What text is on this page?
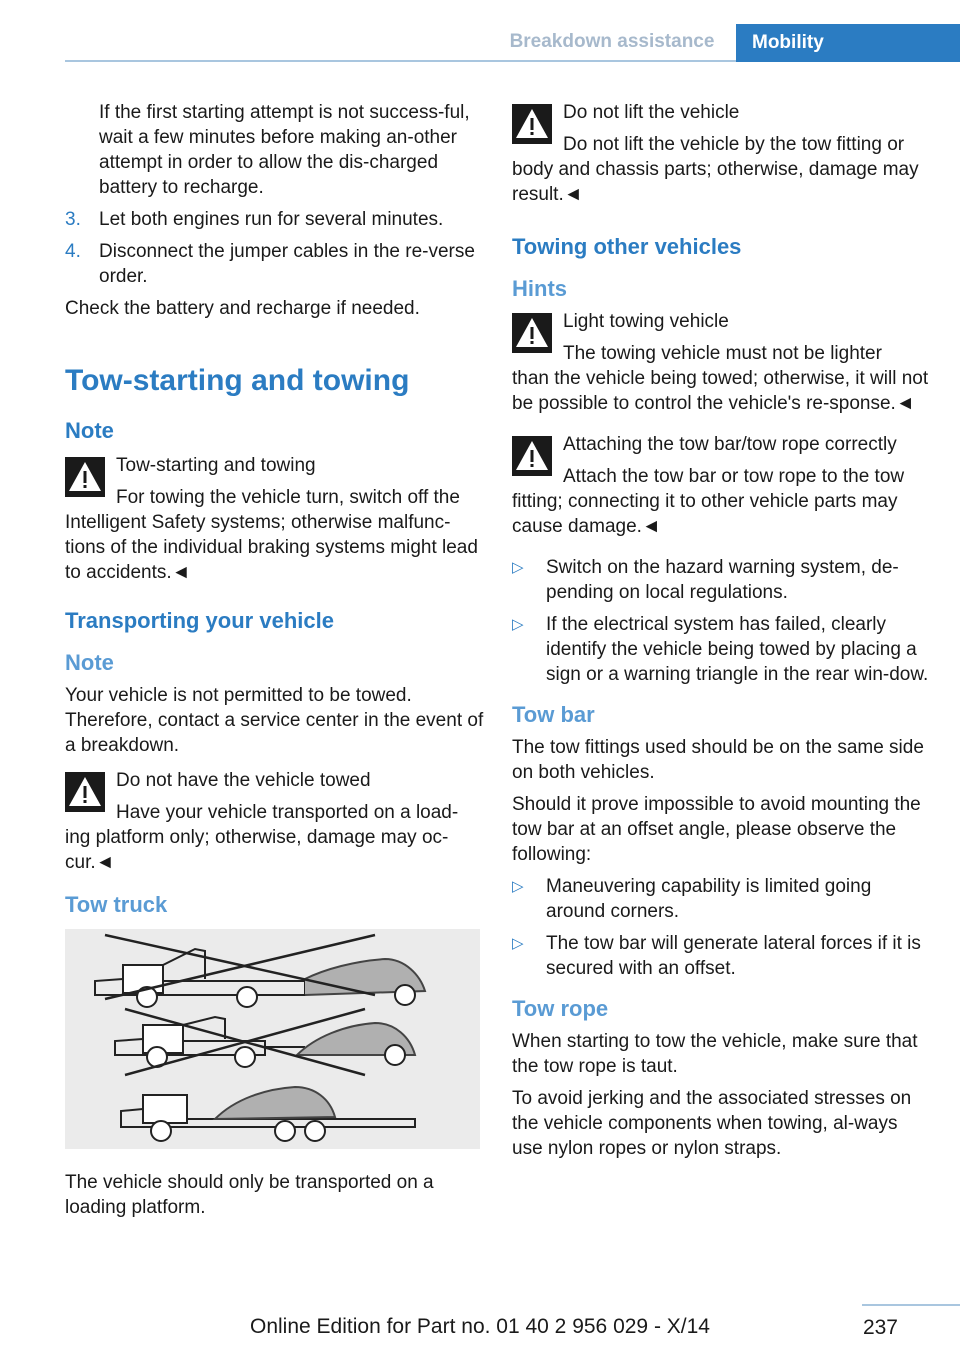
Breakdown assistance	Mobility

If the first starting attempt is not success-ful, wait a few minutes before making an-other attempt in order to allow the dis-charged battery to recharge.

3. Let both engines run for several minutes.
4. Disconnect the jumper cables in the re-verse order.

Check the battery and recharge if needed.

Tow-starting and towing
Note

Tow-starting and towing

For towing the vehicle turn, switch off the
Intelligent Safety systems; otherwise malfunc-tions of the individual braking systems might lead to accidents.◄

Transporting your vehicle
Note

Your vehicle is not permitted to be towed. Therefore, contact a service center in the event of a breakdown.

Do not have the vehicle towed

Have your vehicle transported on a load-
ing platform only; otherwise, damage may oc-cur.◄

Tow truck

The vehicle should only be transported on a loading platform.

Do not lift the vehicle

Do not lift the vehicle by the tow fitting or
body and chassis parts; otherwise, damage may result.◄

Towing other vehicles
Hints

Light towing vehicle

The towing vehicle must not be lighter
than the vehicle being towed; otherwise, it will not be possible to control the vehicle's re-sponse.◄

Attaching the tow bar/tow rope correctly

Attach the tow bar or tow rope to the tow
fitting; connecting it to other vehicle parts may cause damage.◄

▷	Switch on the hazard warning system, de-pending on local regulations.
▷	If the electrical system has failed, clearly identify the vehicle being towed by placing a sign or a warning triangle in the rear win-dow.
Tow bar

The tow fittings used should be on the same side on both vehicles.

Should it prove impossible to avoid mounting the tow bar at an offset angle, please observe the following:

▷	Maneuvering capability is limited going around corners.
▷	The tow bar will generate lateral forces if it is secured with an offset.
Tow rope

When starting to tow the vehicle, make sure that the tow rope is taut.

To avoid jerking and the associated stresses on the vehicle components when towing, al-ways use nylon ropes or nylon straps.

237
Online Edition for Part no. 01 40 2 956 029 - X/14
